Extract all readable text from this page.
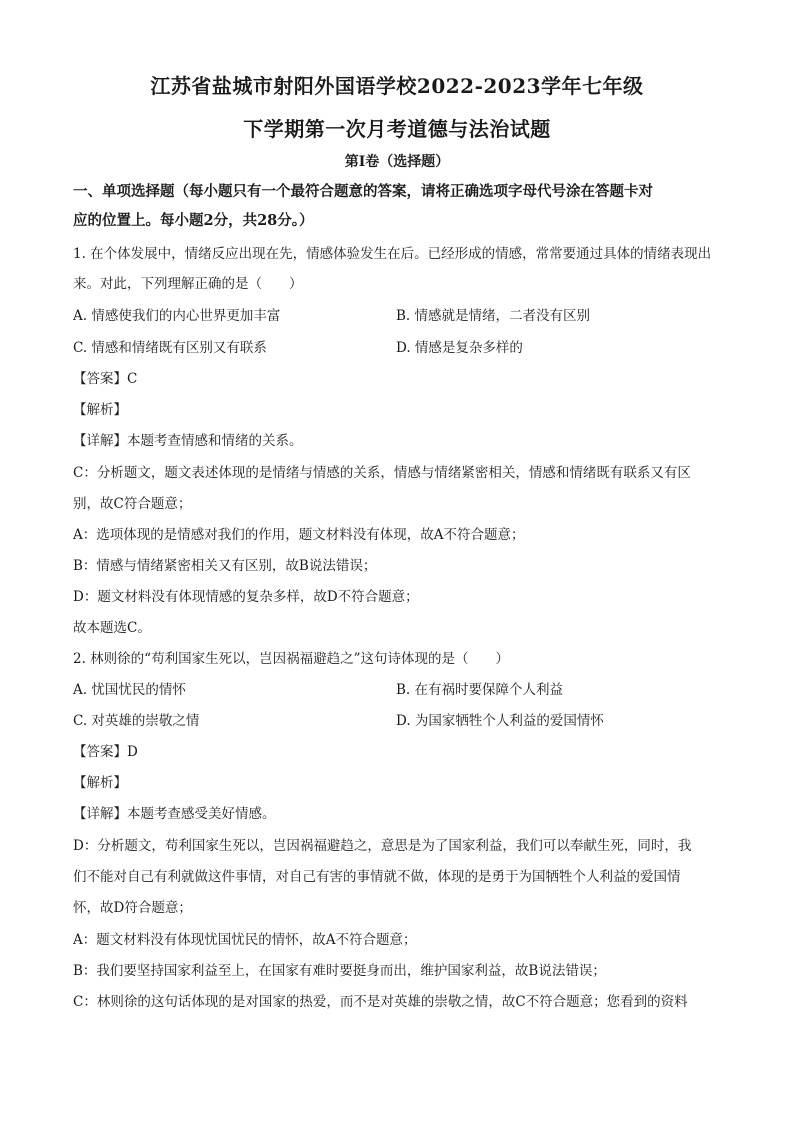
江苏省盐城市射阳外国语学校2022-2023学年七年级
下学期第一次月考道德与法治试题
第Ⅰ卷（选择题）
一、单项选择题（每小题只有一个最符合题意的答案，请将正确选项字母代号涂在答题卡对
应的位置上。每小题2分，共28分。）
1. 在个体发展中，情绪反应出现在先，情感体验发生在后。已经形成的情感，常常要通过具体的情绪表现出
来。对此，下列理解正确的是（　　）
A. 情感使我们的内心世界更加丰富	B. 情感就是情绪，二者没有区别
C. 情感和情绪既有区别又有联系	D. 情感是复杂多样的
【答案】C
【解析】
【详解】本题考查情感和情绪的关系。
C：分析题文，题文表述体现的是情绪与情感的关系，情感与情绪紧密相关，情感和情绪既有联系又有区
别，故C符合题意；
A：选项体现的是情感对我们的作用，题文材料没有体现，故A不符合题意；
B：情感与情绪紧密相关又有区别，故B说法错误；
D：题文材料没有体现情感的复杂多样，故D不符合题意；
故本题选C。
2. 林则徐的“苟利国家生死以，岂因祸福避趋之”这句诗体现的是（　　）
A. 忧国忧民的情怀	B. 在有祸时要保障个人利益
C. 对英雄的崇敬之情	D. 为国家牺牲个人利益的爱国情怀
【答案】D
【解析】
【详解】本题考查感受美好情感。
D：分析题文，苟利国家生死以，岂因祸福避趋之，意思是为了国家利益，我们可以奉献生死，同时，我
们不能对自己有利就做这件事情，对自己有害的事情就不做，体现的是勇于为国牺牲个人利益的爱国情
怀，故D符合题意；
A：题文材料没有体现忧国忧民的情怀，故A不符合题意；
B：我们要坚持国家利益至上，在国家有难时要挺身而出，维护国家利益，故B说法错误；
C：林则徐的这句话体现的是对国家的热爱，而不是对英雄的崇敬之情，故C不符合题意；您看到的资料
